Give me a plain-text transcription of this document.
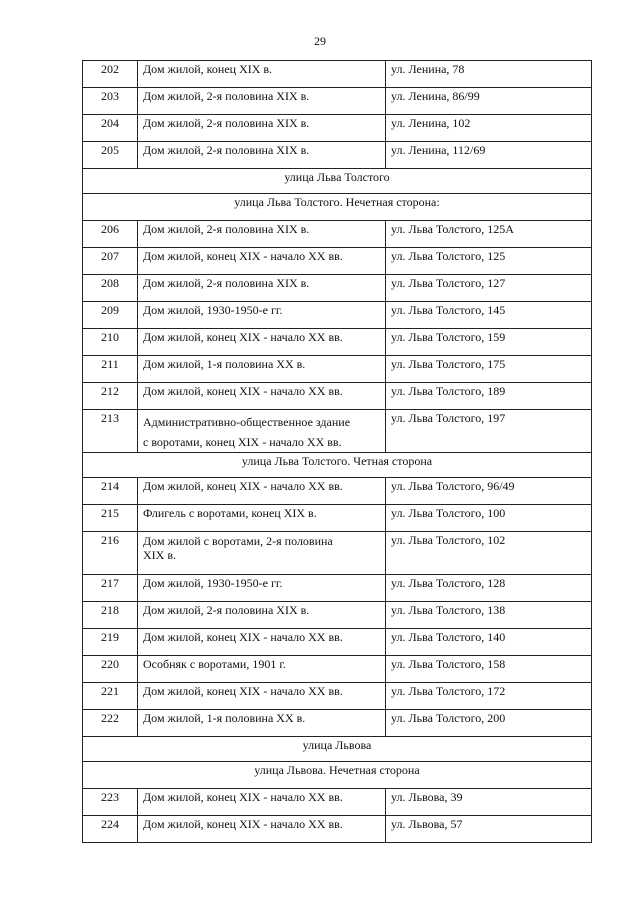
29
202	Дом жилой, конец XIX в.	ул. Ленина, 78
203	Дом жилой, 2-я половина XIX в.	ул. Ленина, 86/99
204	Дом жилой, 2-я половина XIX в.	ул. Ленина, 102
205	Дом жилой, 2-я половина XIX в.	ул. Ленина, 112/69
улица Льва Толстого		
улица Льва Толстого. Нечетная сторона:		
206	Дом жилой, 2-я половина XIX в.	ул. Льва Толстого, 125А
207	Дом жилой, конец XIX - начало XX вв.	ул. Льва Толстого, 125
208	Дом жилой, 2-я половина XIX в.	ул. Льва Толстого, 127
209	Дом жилой, 1930-1950-е гг.	ул. Льва Толстого, 145
210	Дом жилой, конец XIX - начало XX вв.	ул. Льва Толстого, 159
211	Дом жилой, 1-я половина XX в.	ул. Льва Толстого, 175
212	Дом жилой, конец XIX - начало XX вв.	ул. Льва Толстого, 189
213	Административно-общественное здание
с воротами, конец XIX - начало XX вв.	ул. Льва Толстого, 197
улица Льва Толстого. Четная сторона		
214	Дом жилой, конец XIX - начало XX вв.	ул. Льва Толстого, 96/49
215	Флигель с воротами, конец XIX в.	ул. Льва Толстого, 100
216	Дом жилой с воротами, 2-я половина
XIX в.	ул. Льва Толстого, 102
217	Дом жилой, 1930-1950-е гг.	ул. Льва Толстого, 128
218	Дом жилой, 2-я половина XIX в.	ул. Льва Толстого, 138
219	Дом жилой, конец XIX - начало XX вв.	ул. Льва Толстого, 140
220	Особняк с воротами, 1901 г.	ул. Льва Толстого, 158
221	Дом жилой, конец XIX - начало XX вв.	ул. Льва Толстого, 172
222	Дом жилой, 1-я половина XX в.	ул. Льва Толстого, 200
улица Львова		
улица Львова. Нечетная сторона		
223	Дом жилой, конец XIX - начало XX вв.	ул. Львова, 39
224	Дом жилой, конец XIX - начало XX вв.	ул. Львова, 57
